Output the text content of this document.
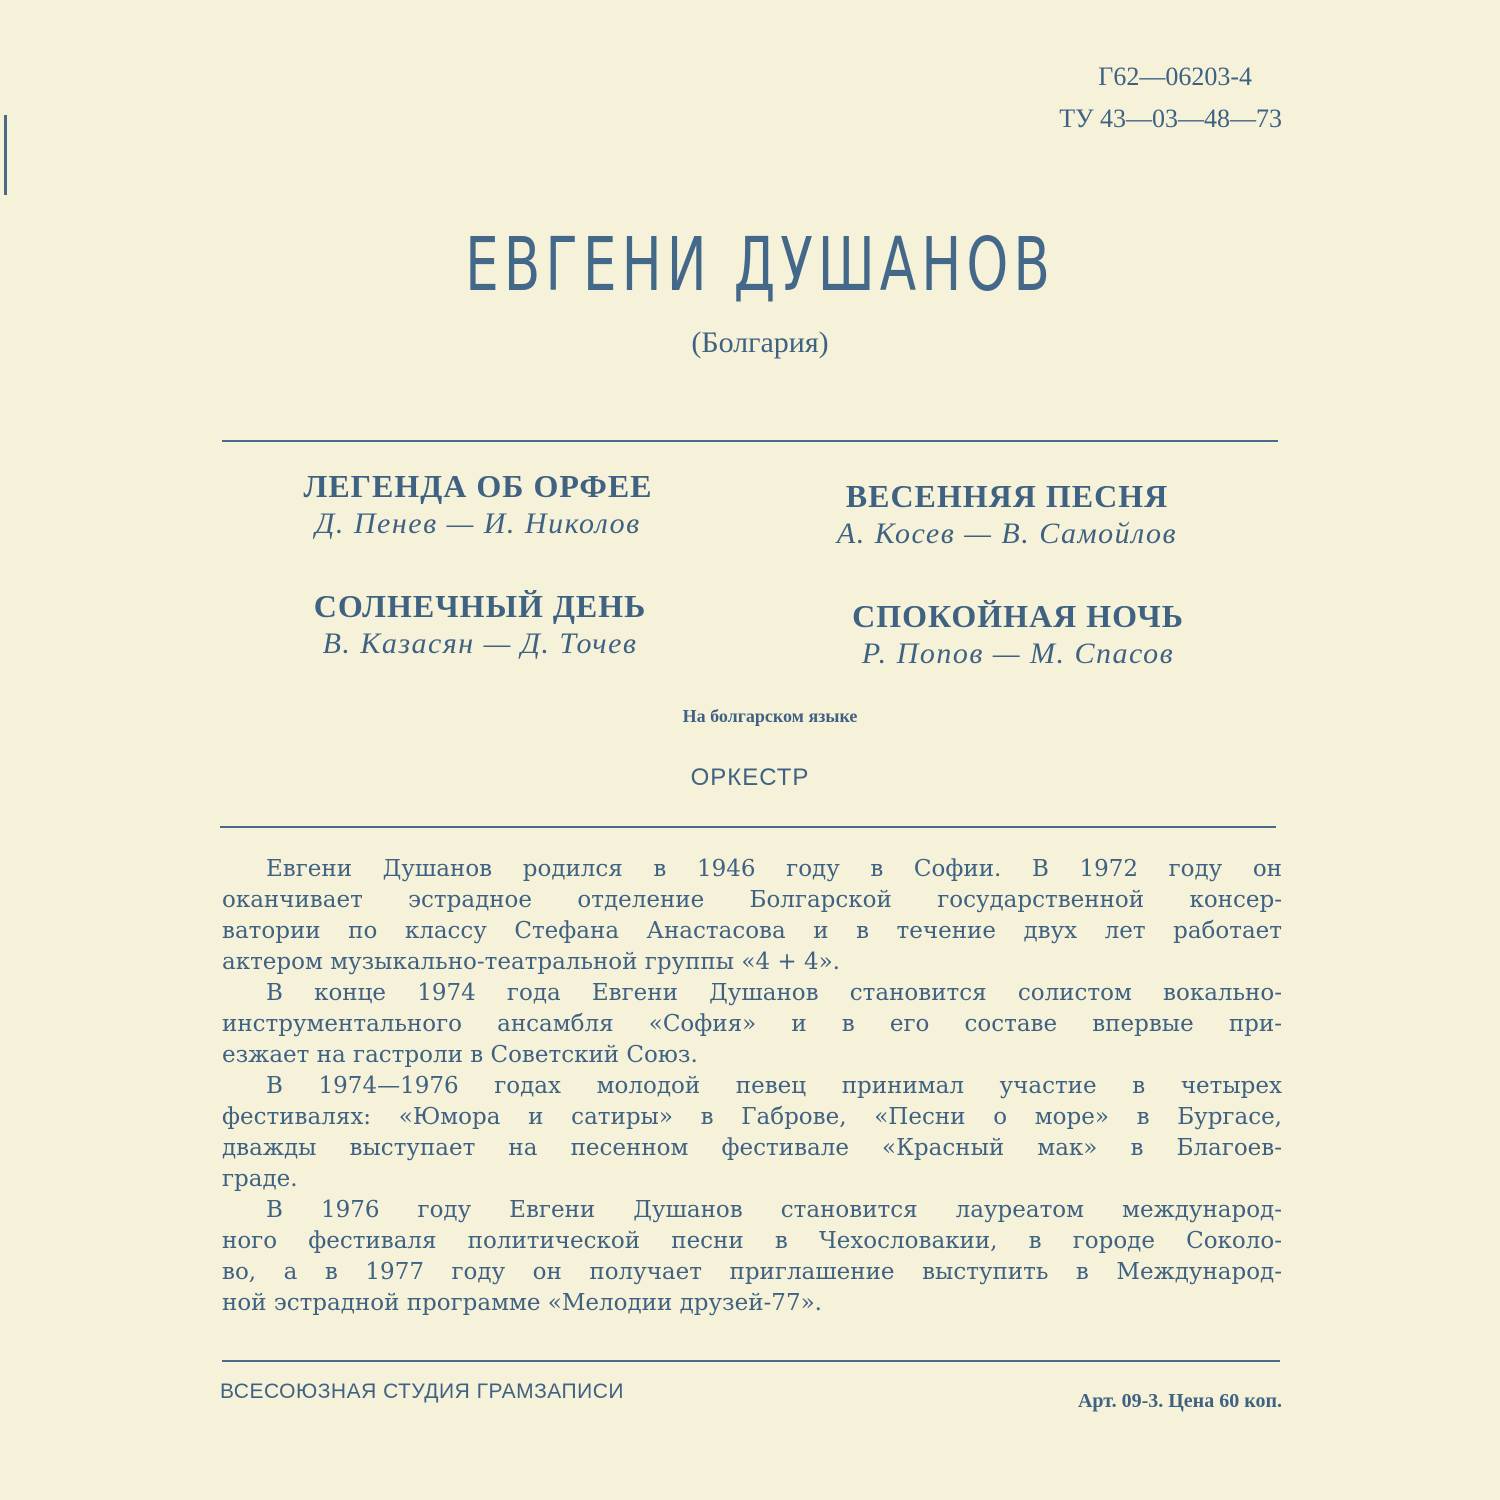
Г62—06203-4
ТУ 43—03—48—73
ЕВГЕНИ ДУШАНОВ
(Болгария)
ЛЕГЕНДА ОБ ОРФЕЕ
Д. Пенев — И. Николов
ВЕСЕННЯЯ ПЕСНЯ
А. Косев — В. Самойлов
СОЛНЕЧНЫЙ ДЕНЬ
В. Казасян — Д. Точев
СПОКОЙНАЯ НОЧЬ
Р. Попов — М. Спасов
На болгарском языке
ОРКЕСТР
Евгени Душанов родился в 1946 году в Софии. В 1972 году он
оканчивает эстрадное отделение Болгарской государственной консер-
ватории по классу Стефана Анастасова и в течение двух лет работает
актером музыкально-театральной группы «4 + 4».
В конце 1974 года Евгени Душанов становится солистом вокально-
инструментального ансамбля «София» и в его составе впервые при-
езжает на гастроли в Советский Союз.
В 1974—1976 годах молодой певец принимал участие в четырех
фестивалях: «Юмора и сатиры» в Габрове, «Песни о море» в Бургасе,
дважды выступает на песенном фестивале «Красный мак» в Благоев-
граде.
В 1976 году Евгени Душанов становится лауреатом международ-
ного фестиваля политической песни в Чехословакии, в городе Соколо-
во, а в 1977 году он получает приглашение выступить в Международ-
ной эстрадной программе «Мелодии друзей-77».
ВСЕСОЮЗНАЯ СТУДИЯ ГРАМЗАПИСИ	Арт. 09-3. Цена 60 коп.
